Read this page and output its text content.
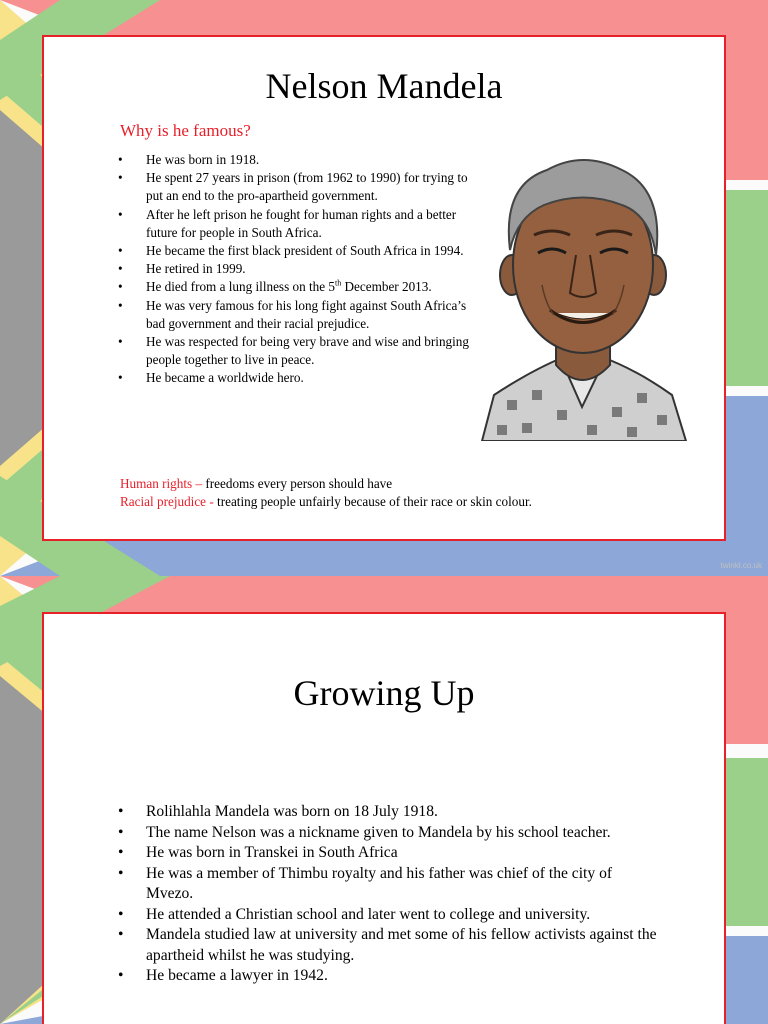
Nelson Mandela
Why is he famous?
• He was born in 1918.
• He spent 27 years in prison (from 1962 to 1990) for trying to put an end to the pro-apartheid government.
• After he left prison he fought for human rights and a better future for people in South Africa.
• He became the first black president of South Africa in 1994.
• He retired in 1999.
• He died from a lung illness on the 5th December 2013.
• He was very famous for his long fight against South Africa’s bad government and their racial prejudice.
• He was respected for being very brave and wise and bringing people together to live in peace.
• He became a worldwide hero.
Human rights – freedoms every person should have
Racial prejudice - treating people unfairly because of their race or skin colour.
twinkl.co.uk
Growing Up
• Rolihlahla Mandela was born on 18 July 1918.
• The name Nelson was a nickname given to Mandela by his school teacher.
• He was born in Transkei in South Africa
• He was a member of Thimbu royalty and his father was chief of the city of Mvezo.
• He attended a Christian school and later went to college and university.
• Mandela studied law at university and met some of his fellow activists against the apartheid whilst he was studying.
• He became a lawyer in 1942.
